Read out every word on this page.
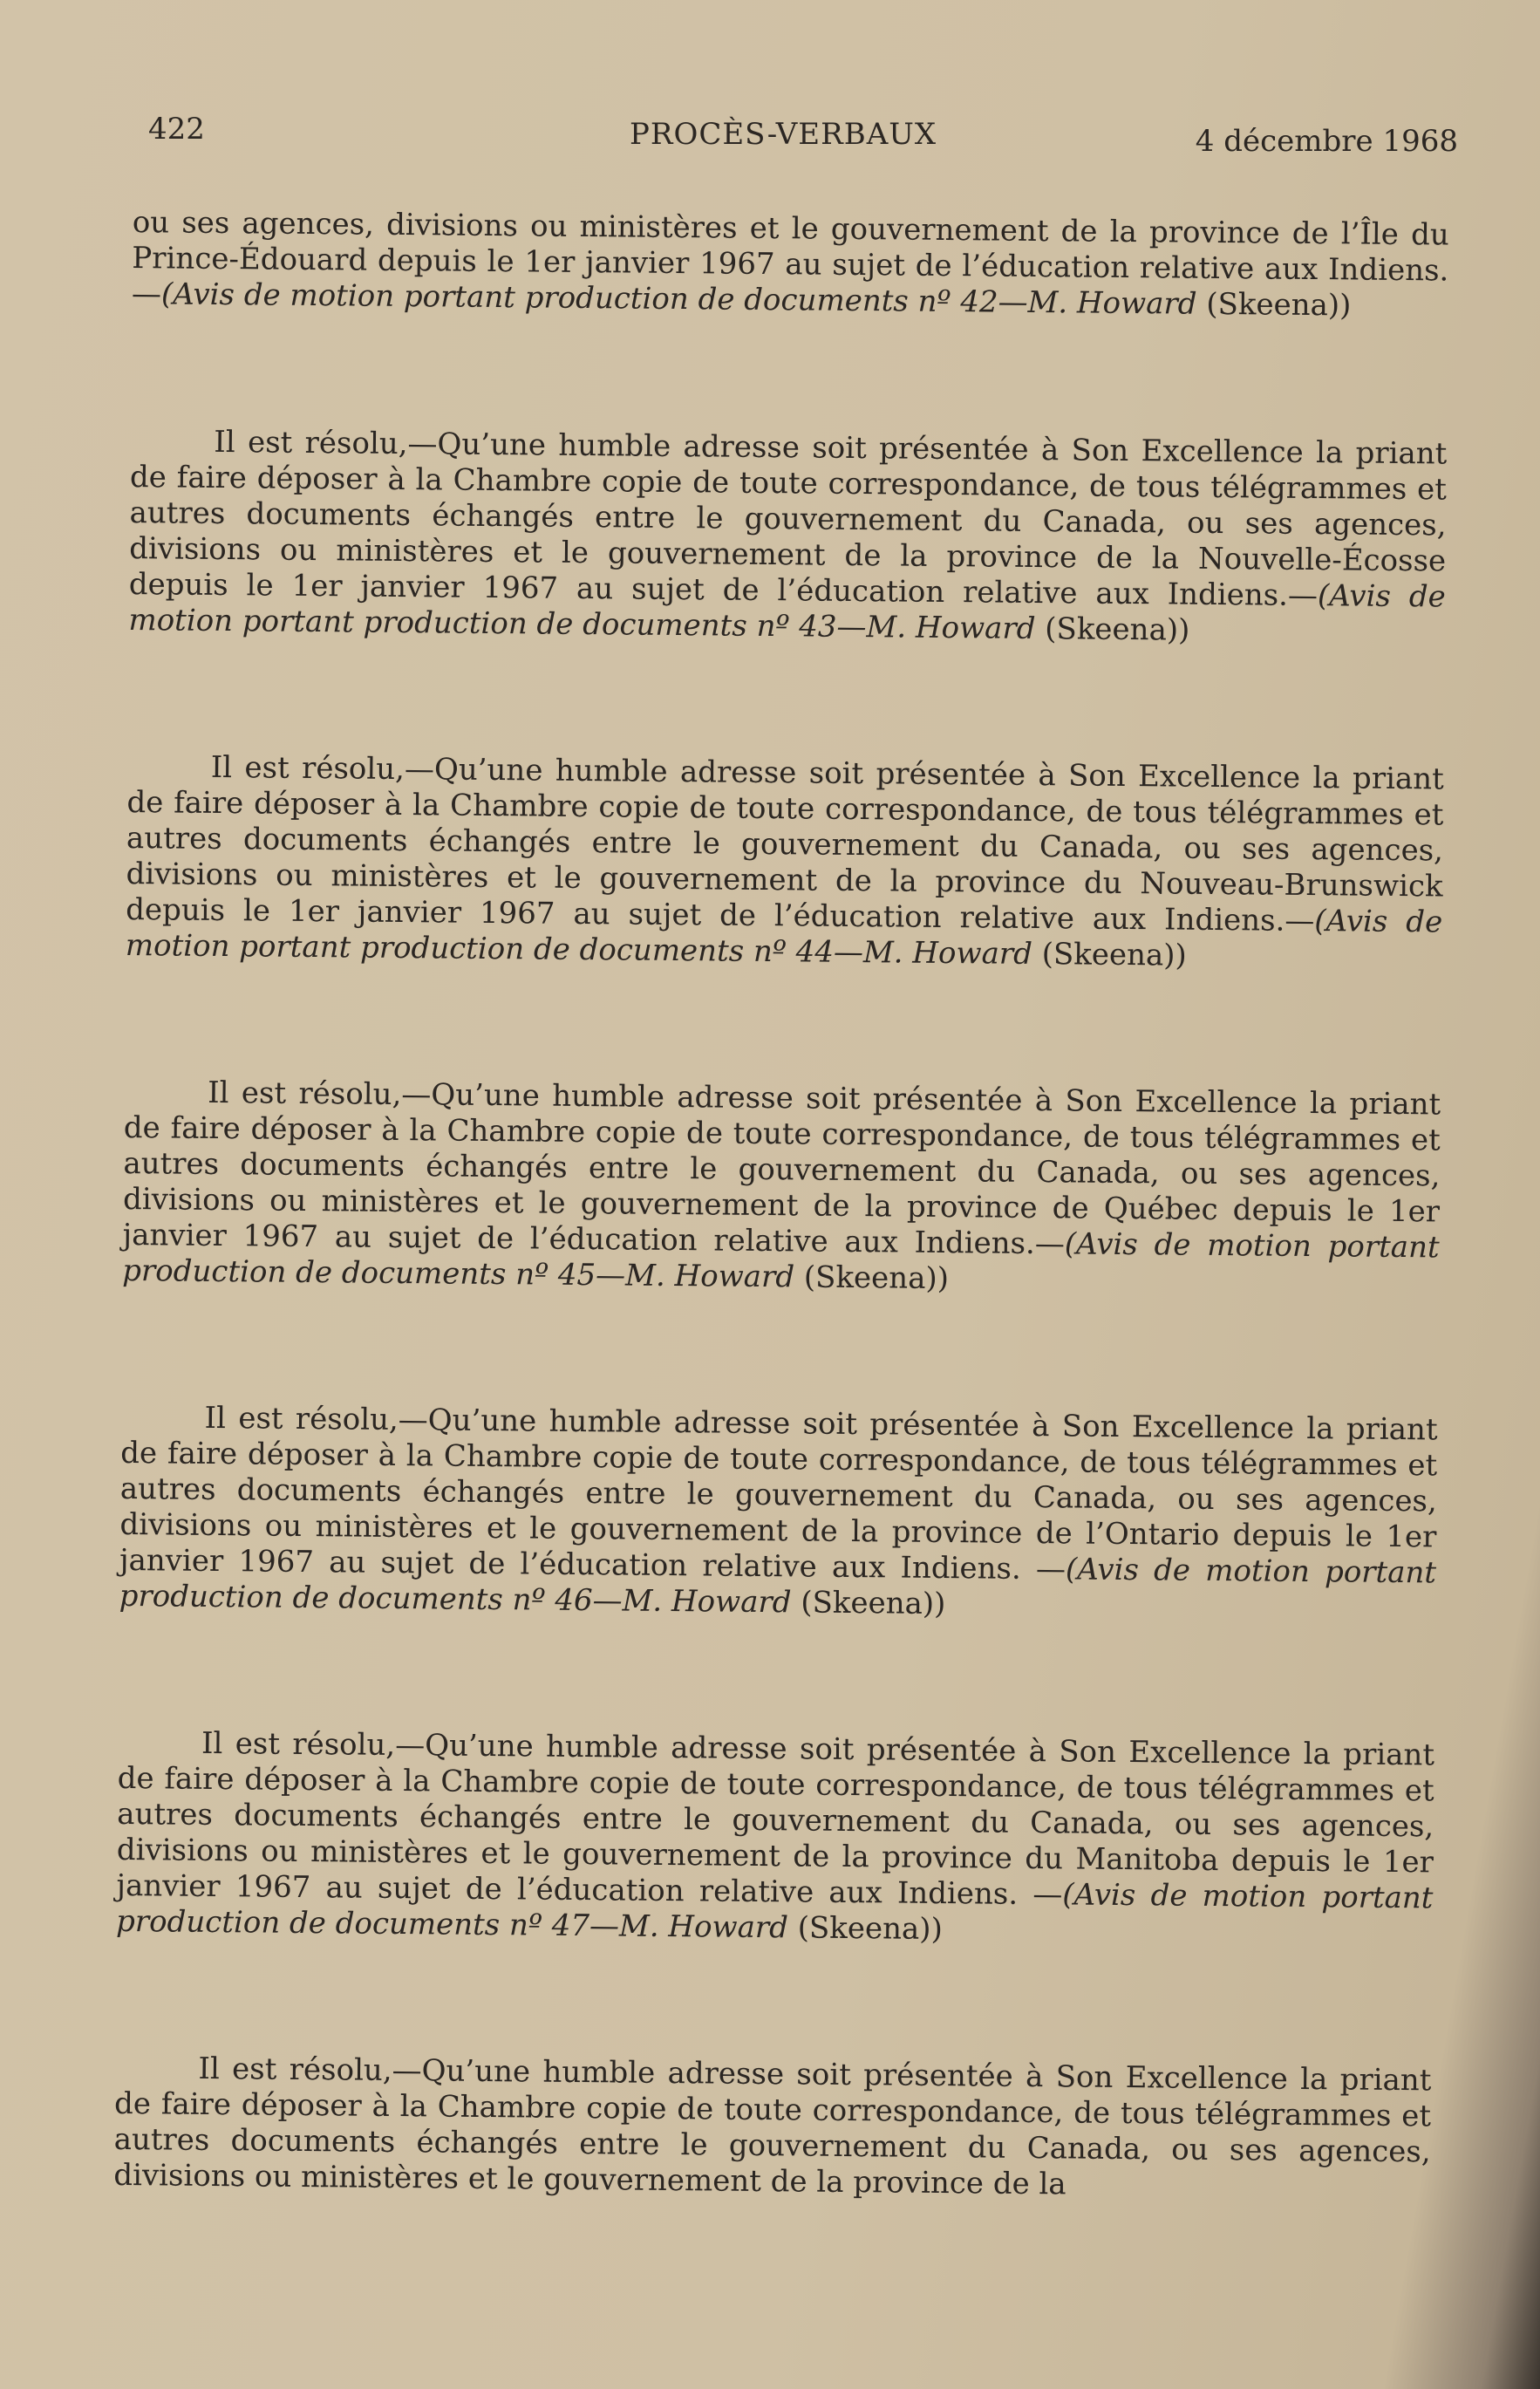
422	PROCÈS-VERBAUX	4 décembre 1968

ou ses agences, divisions ou ministères et le gouvernement de la province de l’Île du Prince-Édouard depuis le 1er janvier 1967 au sujet de l’éducation relative aux Indiens.—(Avis de motion portant production de documents nº 42—M. Howard (Skeena))

Il est résolu,—Qu’une humble adresse soit présentée à Son Excellence la priant de faire déposer à la Chambre copie de toute correspondance, de tous télégrammes et autres documents échangés entre le gouvernement du Canada, ou ses agences, divisions ou ministères et le gouvernement de la province de la Nouvelle-Écosse depuis le 1er janvier 1967 au sujet de l’éducation relative aux Indiens.—(Avis de motion portant production de documents nº 43—M. Howard (Skeena))

Il est résolu,—Qu’une humble adresse soit présentée à Son Excellence la priant de faire déposer à la Chambre copie de toute correspondance, de tous télégrammes et autres documents échangés entre le gouvernement du Canada, ou ses agences, divisions ou ministères et le gouvernement de la province du Nouveau-Brunswick depuis le 1er janvier 1967 au sujet de l’éducation relative aux Indiens.—(Avis de motion portant production de documents nº 44—M. Howard (Skeena))

Il est résolu,—Qu’une humble adresse soit présentée à Son Excellence la priant de faire déposer à la Chambre copie de toute correspondance, de tous télégrammes et autres documents échangés entre le gouvernement du Canada, ou ses agences, divisions ou ministères et le gouvernement de la province de Québec depuis le 1er janvier 1967 au sujet de l’éducation relative aux Indiens.—(Avis de motion portant production de documents nº 45—M. Howard (Skeena))

Il est résolu,—Qu’une humble adresse soit présentée à Son Excellence la priant de faire déposer à la Chambre copie de toute correspondance, de tous télégrammes et autres documents échangés entre le gouvernement du Canada, ou ses agences, divisions ou ministères et le gouvernement de la province de l’Ontario depuis le 1er janvier 1967 au sujet de l’éducation relative aux Indiens. —(Avis de motion portant production de documents nº 46—M. Howard (Skeena))

Il est résolu,—Qu’une humble adresse soit présentée à Son Excellence la priant de faire déposer à la Chambre copie de toute correspondance, de tous télégrammes et autres documents échangés entre le gouvernement du Canada, ou ses agences, divisions ou ministères et le gouvernement de la province du Manitoba depuis le 1er janvier 1967 au sujet de l’éducation relative aux Indiens. —(Avis de motion portant production de documents nº 47—M. Howard (Skeena))

Il est résolu,—Qu’une humble adresse soit présentée à Son Excellence la priant de faire déposer à la Chambre copie de toute correspondance, de tous télégrammes et autres documents échangés entre le gouvernement du Canada, ou ses agences, divisions ou ministères et le gouvernement de la province de la
